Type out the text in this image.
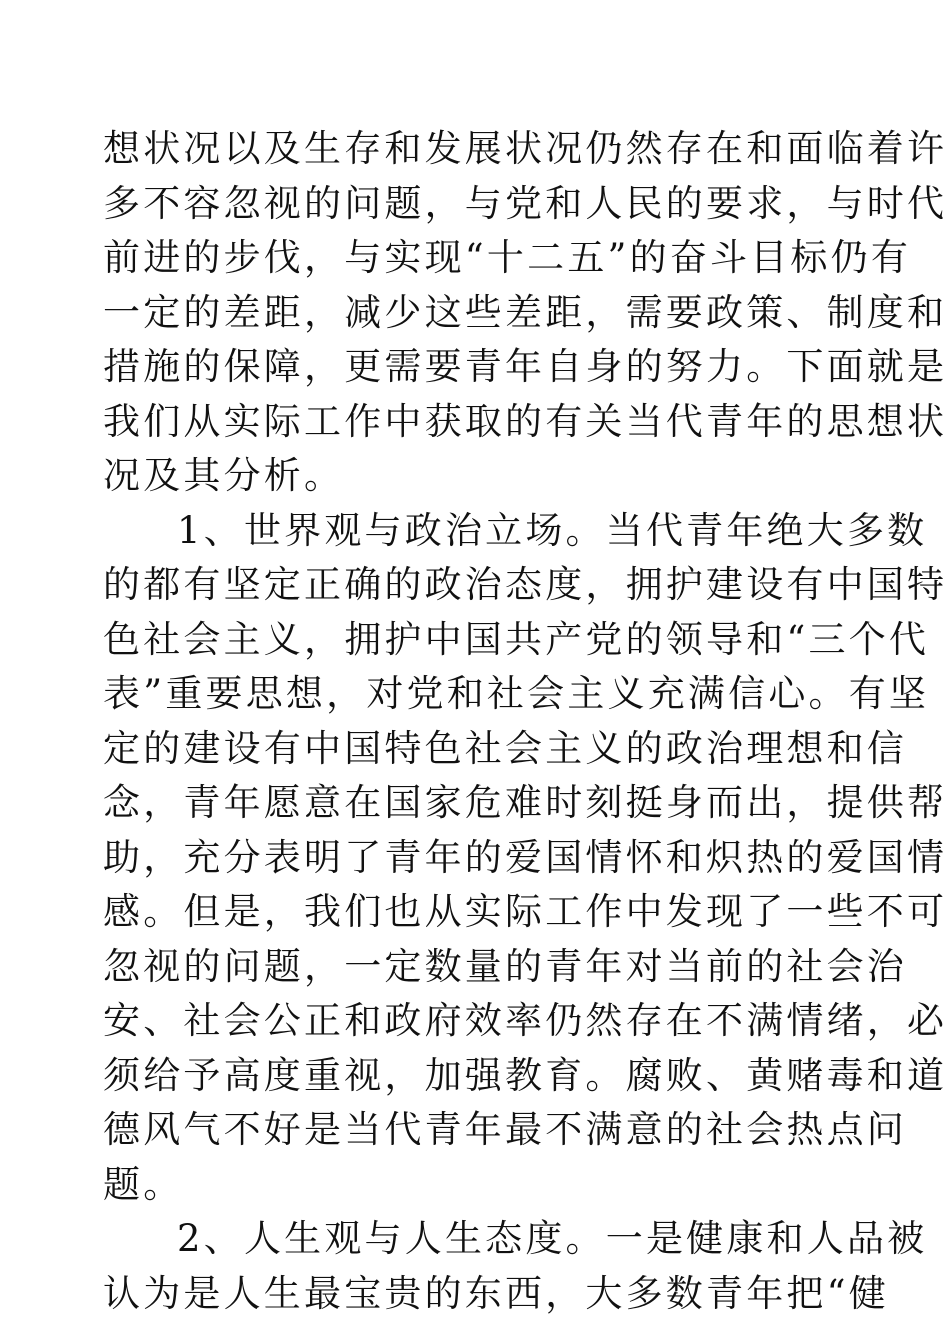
想状况以及生存和发展状况仍然存在和面临着许
多不容忽视的问题，与党和人民的要求，与时代
前进的步伐，与实现“十二五”的奋斗目标仍有
一定的差距，减少这些差距，需要政策、制度和
措施的保障，更需要青年自身的努力。下面就是
我们从实际工作中获取的有关当代青年的思想状
况及其分析。
1、世界观与政治立场。当代青年绝大多数
的都有坚定正确的政治态度，拥护建设有中国特
色社会主义，拥护中国共产党的领导和“三个代
表”重要思想，对党和社会主义充满信心。有坚
定的建设有中国特色社会主义的政治理想和信
念，青年愿意在国家危难时刻挺身而出，提供帮
助，充分表明了青年的爱国情怀和炽热的爱国情
感。但是，我们也从实际工作中发现了一些不可
忽视的问题，一定数量的青年对当前的社会治
安、社会公正和政府效率仍然存在不满情绪，必
须给予高度重视，加强教育。腐败、黄赌毒和道
德风气不好是当代青年最不满意的社会热点问
题。
2、人生观与人生态度。一是健康和人品被
认为是人生最宝贵的东西，大多数青年把“健
